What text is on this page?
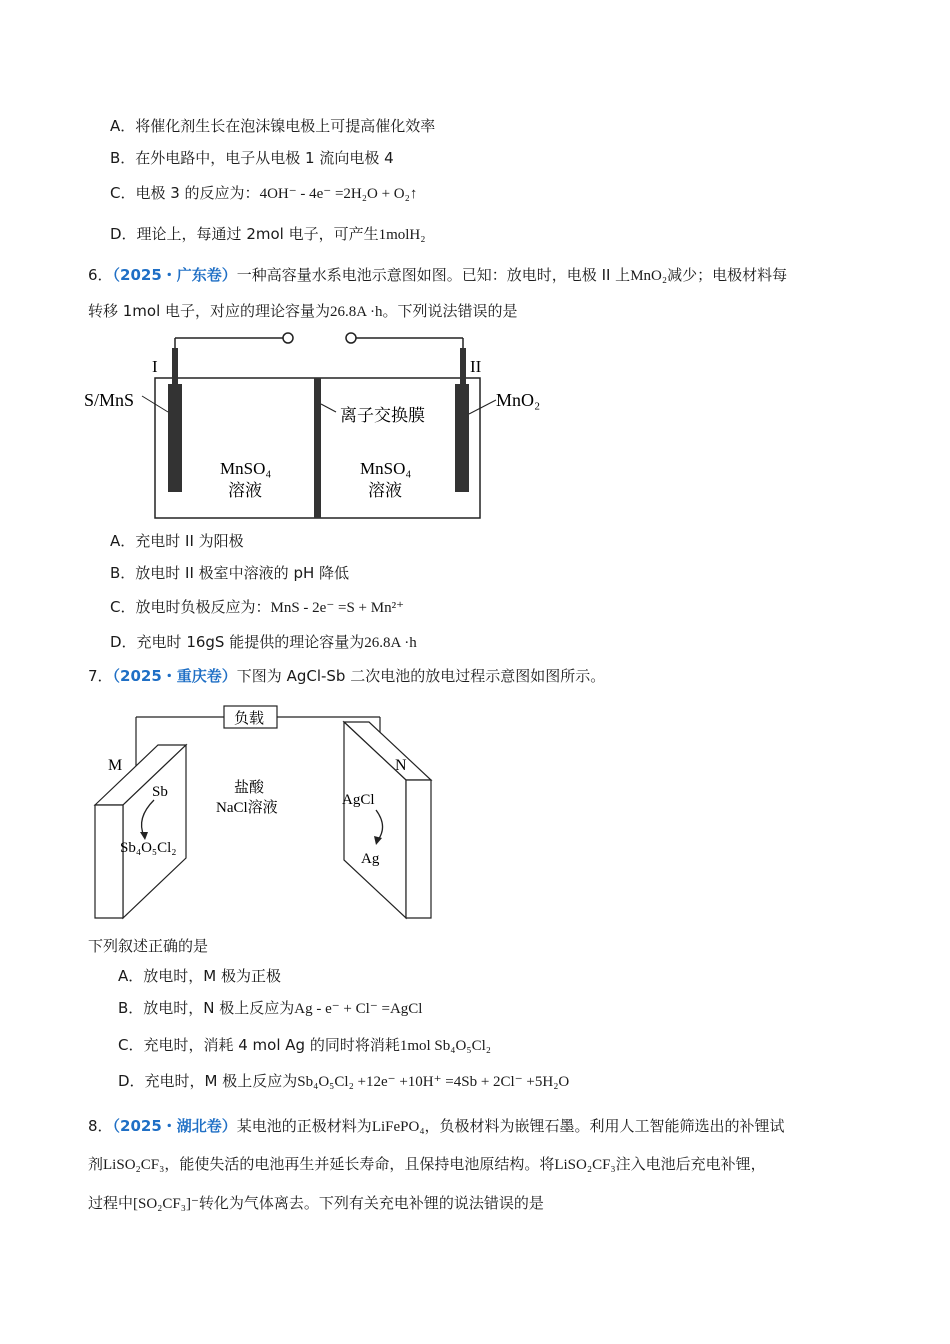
A．将催化剂生长在泡沫镍电极上可提高催化效率
B．在外电路中，电子从电极 1 流向电极 4
C．电极 3 的反应为：4OH⁻ - 4e⁻ =2H₂O + O₂↑
D．理论上，每通过 2mol 电子，可产生1molH₂
6．（2025・广东卷）一种高容量水系电池示意图如图。已知：放电时，电极 II 上MnO₂减少；电极材料每
转移 1mol 电子，对应的理论容量为26.8A ·h。下列说法错误的是
I	II
S/MnS	MnO₂
离子交换膜
MnSO₄
溶液
MnSO₄
溶液
A．充电时 II 为阳极
B．放电时 II 极室中溶液的 pH 降低
C．放电时负极反应为：MnS - 2e⁻ =S + Mn²⁺
D．充电时 16gS 能提供的理论容量为26.8A ·h
7．（2025・重庆卷）下图为 AgCl-Sb 二次电池的放电过程示意图如图所示。
负载
M	N
盐酸
NaCl溶液
Sb
Sb₄O₅Cl₂
AgCl
Ag
下列叙述正确的是
A．放电时，M 极为正极
B．放电时，N 极上反应为Ag - e⁻ + Cl⁻ =AgCl
C．充电时，消耗 4 mol Ag 的同时将消耗1mol Sb₄O₅Cl₂
D．充电时，M 极上反应为Sb₄O₅Cl₂ +12e⁻ +10H⁺ =4Sb + 2Cl⁻ +5H₂O
8．（2025・湖北卷）某电池的正极材料为LiFePO₄，负极材料为嵌锂石墨。利用人工智能筛选出的补锂试
剂LiSO₂CF₃，能使失活的电池再生并延长寿命，且保持电池原结构。将LiSO₂CF₃注入电池后充电补锂，
过程中[SO₂CF₃]⁻转化为气体离去。下列有关充电补锂的说法错误的是
